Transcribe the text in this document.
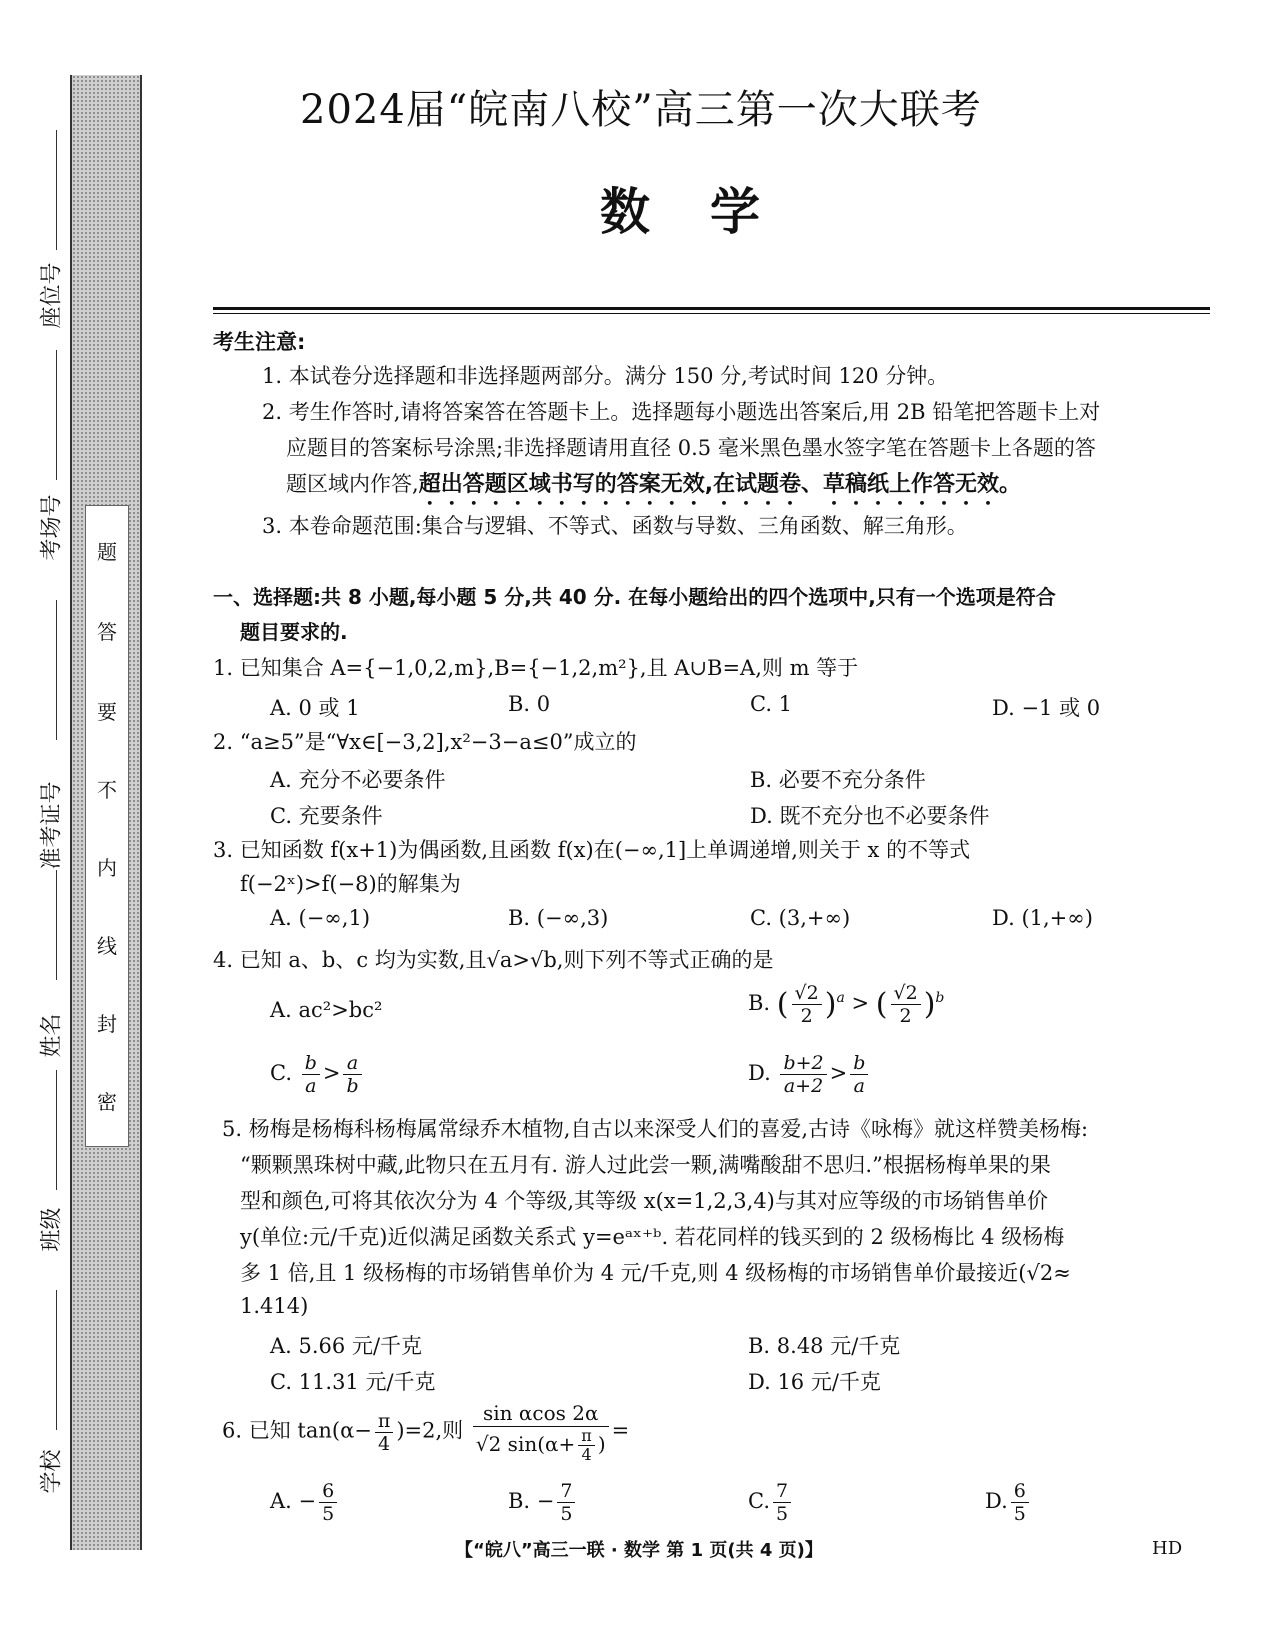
题
答
要
不
内
线
封
密
座位号
考场号
准考证号
姓名
班级
学校
2024届“皖南八校”高三第一次大联考
数学
考生注意:
1. 本试卷分选择题和非选择题两部分。满分 150 分,考试时间 120 分钟。
2. 考生作答时,请将答案答在答题卡上。选择题每小题选出答案后,用 2B 铅笔把答题卡上对
应题目的答案标号涂黑;非选择题请用直径 0.5 毫米黑色墨水签字笔在答题卡上各题的答
题区域内作答,超出答题区域书写的答案无效,在试题卷、草稿纸上作答无效。
3. 本卷命题范围:集合与逻辑、不等式、函数与导数、三角函数、解三角形。
一、选择题:共 8 小题,每小题 5 分,共 40 分. 在每小题给出的四个选项中,只有一个选项是符合
题目要求的.
1. 已知集合 A={−1,0,2,m},B={−1,2,m²},且 A∪B=A,则 m 等于
A. 0 或 1	B. 0	C. 1	D. −1 或 0
2. “a≥5”是“∀x∈[−3,2],x²−3−a≤0”成立的
A. 充分不必要条件	B. 必要不充分条件
C. 充要条件	D. 既不充分也不必要条件
3. 已知函数 f(x+1)为偶函数,且函数 f(x)在(−∞,1]上单调递增,则关于 x 的不等式
f(−2ˣ)>f(−8)的解集为
A. (−∞,1)	B. (−∞,3)	C. (3,+∞)	D. (1,+∞)
4. 已知 a、b、c 均为实数,且√a>√b,则下列不等式正确的是
A. ac²>bc²	B. ( $\frac{√2}{2} )^a$ > ( $\frac{√2}{2} )^b$
C. $\frac{b}{a} > \frac{a}{b}$	D. $\frac{b+2}{a+2} > \frac{b}{a}$
5. 杨梅是杨梅科杨梅属常绿乔木植物,自古以来深受人们的喜爱,古诗《咏梅》就这样赞美杨梅:
“颗颗黑珠树中藏,此物只在五月有. 游人过此尝一颗,满嘴酸甜不思归.”根据杨梅单果的果
型和颜色,可将其依次分为 4 个等级,其等级 x(x=1,2,3,4)与其对应等级的市场销售单价
y(单位:元/千克)近似满足函数关系式 y=eᵃˣ⁺ᵇ. 若花同样的钱买到的 2 级杨梅比 4 级杨梅
多 1 倍,且 1 级杨梅的市场销售单价为 4 元/千克,则 4 级杨梅的市场销售单价最接近(√2≈
1.414)
A. 5.66 元/千克	B. 8.48 元/千克
C. 11.31 元/千克	D. 16 元/千克
6. 已知 $\tan(\alpha- \frac{\pi}{4} )=2$,则 $\frac{\text{sin αcos 2α}}{√2 \sin(\alpha+ \frac{\pi}{4} )}$ =
A. − $\frac{6}{5}$	B. − $\frac{7}{5}$	C. $\frac{7}{5}$	D. $\frac{6}{5}$
【“皖八”高三一联 · 数学 第 1 页(共 4 页)】	HD
